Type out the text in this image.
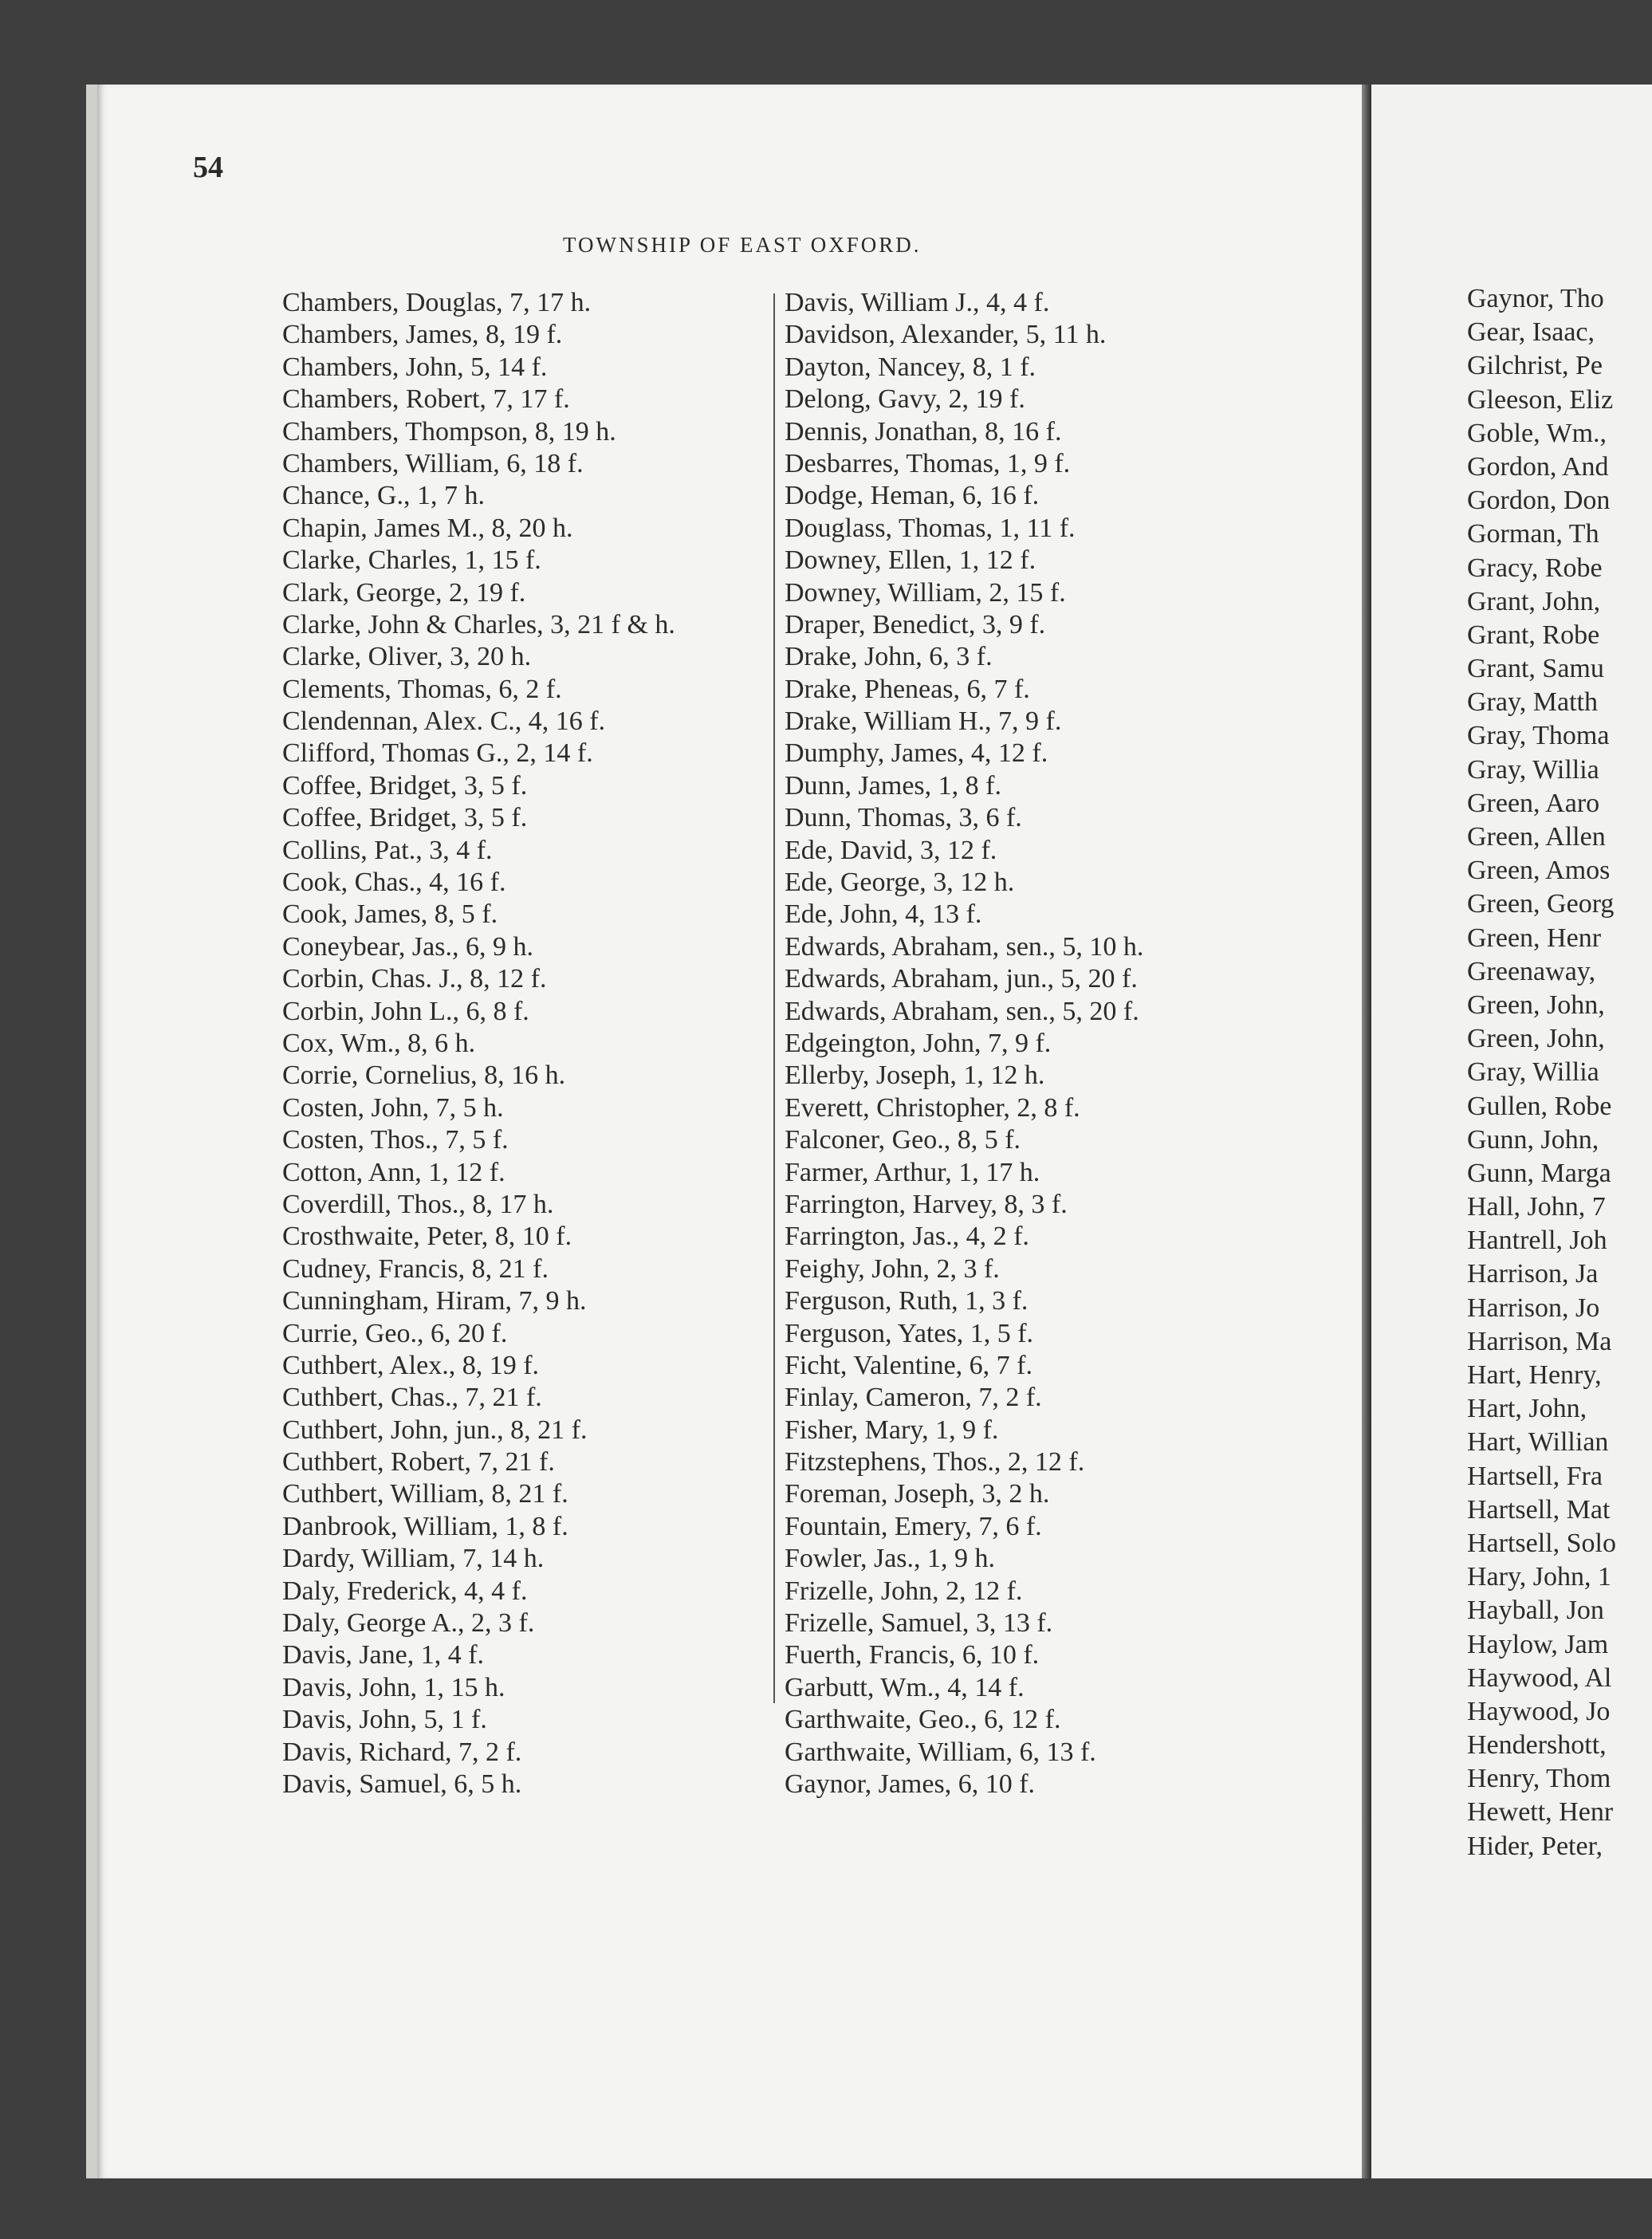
54
TOWNSHIP OF EAST OXFORD.
Chambers, Douglas, 7, 17 h.
Chambers, James, 8, 19 f.
Chambers, John, 5, 14 f.
Chambers, Robert, 7, 17 f.
Chambers, Thompson, 8, 19 h.
Chambers, William, 6, 18 f.
Chance, G., 1, 7 h.
Chapin, James M., 8, 20 h.
Clarke, Charles, 1, 15 f.
Clark, George, 2, 19 f.
Clarke, John & Charles, 3, 21 f & h.
Clarke, Oliver, 3, 20 h.
Clements, Thomas, 6, 2 f.
Clendennan, Alex. C., 4, 16 f.
Clifford, Thomas G., 2, 14 f.
Coffee, Bridget, 3, 5 f.
Coffee, Bridget, 3, 5 f.
Collins, Pat., 3, 4 f.
Cook, Chas., 4, 16 f.
Cook, James, 8, 5 f.
Coneybear, Jas., 6, 9 h.
Corbin, Chas. J., 8, 12 f.
Corbin, John L., 6, 8 f.
Cox, Wm., 8, 6 h.
Corrie, Cornelius, 8, 16 h.
Costen, John, 7, 5 h.
Costen, Thos., 7, 5 f.
Cotton, Ann, 1, 12 f.
Coverdill, Thos., 8, 17 h.
Crosthwaite, Peter, 8, 10 f.
Cudney, Francis, 8, 21 f.
Cunningham, Hiram, 7, 9 h.
Currie, Geo., 6, 20 f.
Cuthbert, Alex., 8, 19 f.
Cuthbert, Chas., 7, 21 f.
Cuthbert, John, jun., 8, 21 f.
Cuthbert, Robert, 7, 21 f.
Cuthbert, William, 8, 21 f.
Danbrook, William, 1, 8 f.
Dardy, William, 7, 14 h.
Daly, Frederick, 4, 4 f.
Daly, George A., 2, 3 f.
Davis, Jane, 1, 4 f.
Davis, John, 1, 15 h.
Davis, John, 5, 1 f.
Davis, Richard, 7, 2 f.
Davis, Samuel, 6, 5 h.
Davis, William J., 4, 4 f.
Davidson, Alexander, 5, 11 h.
Dayton, Nancey, 8, 1 f.
Delong, Gavy, 2, 19 f.
Dennis, Jonathan, 8, 16 f.
Desbarres, Thomas, 1, 9 f.
Dodge, Heman, 6, 16 f.
Douglass, Thomas, 1, 11 f.
Downey, Ellen, 1, 12 f.
Downey, William, 2, 15 f.
Draper, Benedict, 3, 9 f.
Drake, John, 6, 3 f.
Drake, Pheneas, 6, 7 f.
Drake, William H., 7, 9 f.
Dumphy, James, 4, 12 f.
Dunn, James, 1, 8 f.
Dunn, Thomas, 3, 6 f.
Ede, David, 3, 12 f.
Ede, George, 3, 12 h.
Ede, John, 4, 13 f.
Edwards, Abraham, sen., 5, 10 h.
Edwards, Abraham, jun., 5, 20 f.
Edwards, Abraham, sen., 5, 20 f.
Edgeington, John, 7, 9 f.
Ellerby, Joseph, 1, 12 h.
Everett, Christopher, 2, 8 f.
Falconer, Geo., 8, 5 f.
Farmer, Arthur, 1, 17 h.
Farrington, Harvey, 8, 3 f.
Farrington, Jas., 4, 2 f.
Feighy, John, 2, 3 f.
Ferguson, Ruth, 1, 3 f.
Ferguson, Yates, 1, 5 f.
Ficht, Valentine, 6, 7 f.
Finlay, Cameron, 7, 2 f.
Fisher, Mary, 1, 9 f.
Fitzstephens, Thos., 2, 12 f.
Foreman, Joseph, 3, 2 h.
Fountain, Emery, 7, 6 f.
Fowler, Jas., 1, 9 h.
Frizelle, John, 2, 12 f.
Frizelle, Samuel, 3, 13 f.
Fuerth, Francis, 6, 10 f.
Garbutt, Wm., 4, 14 f.
Garthwaite, Geo., 6, 12 f.
Garthwaite, William, 6, 13 f.
Gaynor, James, 6, 10 f.
Gaynor, Tho
Gear, Isaac,
Gilchrist, Pe
Gleeson, Eliz
Goble, Wm.,
Gordon, And
Gordon, Don
Gorman, Th
Gracy, Robe
Grant, John,
Grant, Robe
Grant, Samu
Gray, Matth
Gray, Thoma
Gray, Willia
Green, Aaro
Green, Allen
Green, Amos
Green, Georg
Green, Henr
Greenaway,
Green, John,
Green, John,
Gray, Willia
Gullen, Robe
Gunn, John,
Gunn, Marga
Hall, John, 7
Hantrell, Joh
Harrison, Ja
Harrison, Jo
Harrison, Ma
Hart, Henry,
Hart, John,
Hart, Willian
Hartsell, Fra
Hartsell, Mat
Hartsell, Solo
Hary, John, 1
Hayball, Jon
Haylow, Jam
Haywood, Al
Haywood, Jo
Hendershott,
Henry, Thom
Hewett, Henr
Hider, Peter,
